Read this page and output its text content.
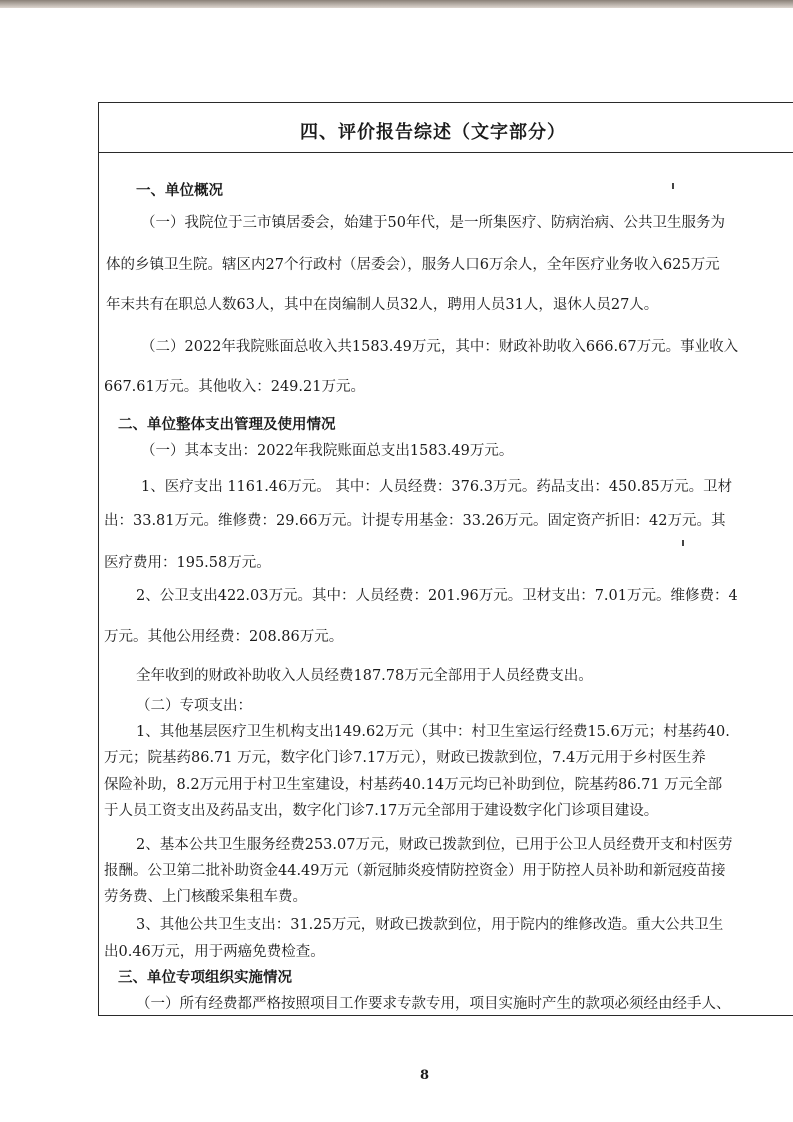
四、评价报告综述（文字部分）
一、单位概况
（一）我院位于三市镇居委会，始建于50年代，是一所集医疗、防病治病、公共卫生服务为
体的乡镇卫生院。辖区内27个行政村（居委会），服务人口6万余人，全年医疗业务收入625万元
年末共有在职总人数63人，其中在岗编制人员32人，聘用人员31人，退休人员27人。
（二）2022年我院账面总收入共1583.49万元，其中：财政补助收入666.67万元。事业收入
667.61万元。其他收入：249.21万元。
二、单位整体支出管理及使用情况
（一）其本支出：2022年我院账面总支出1583.49万元。
1、医疗支出 1161.46万元。 其中：人员经费：376.3万元。药品支出：450.85万元。卫材
出：33.81万元。维修费：29.66万元。计提专用基金：33.26万元。固定资产折旧：42万元。其
医疗费用：195.58万元。
2、公卫支出422.03万元。其中：人员经费：201.96万元。卫材支出：7.01万元。维修费：4
万元。其他公用经费：208.86万元。
全年收到的财政补助收入人员经费187.78万元全部用于人员经费支出。
（二）专项支出：
1、其他基层医疗卫生机构支出149.62万元（其中：村卫生室运行经费15.6万元；村基药40.
万元；院基药86.71 万元，数字化门诊7.17万元），财政已拨款到位，7.4万元用于乡村医生养
保险补助，8.2万元用于村卫生室建设，村基药40.14万元均已补助到位，院基药86.71 万元全部
于人员工资支出及药品支出，数字化门诊7.17万元全部用于建设数字化门诊项目建设。
2、基本公共卫生服务经费253.07万元，财政已拨款到位，已用于公卫人员经费开支和村医劳
报酬。公卫第二批补助资金44.49万元（新冠肺炎疫情防控资金）用于防控人员补助和新冠疫苗接
劳务费、上门核酸采集租车费。
3、其他公共卫生支出：31.25万元，财政已拨款到位，用于院内的维修改造。重大公共卫生
出0.46万元，用于两癌免费检查。
三、单位专项组织实施情况
（一）所有经费都严格按照项目工作要求专款专用，项目实施时产生的款项必须经由经手人、
8
